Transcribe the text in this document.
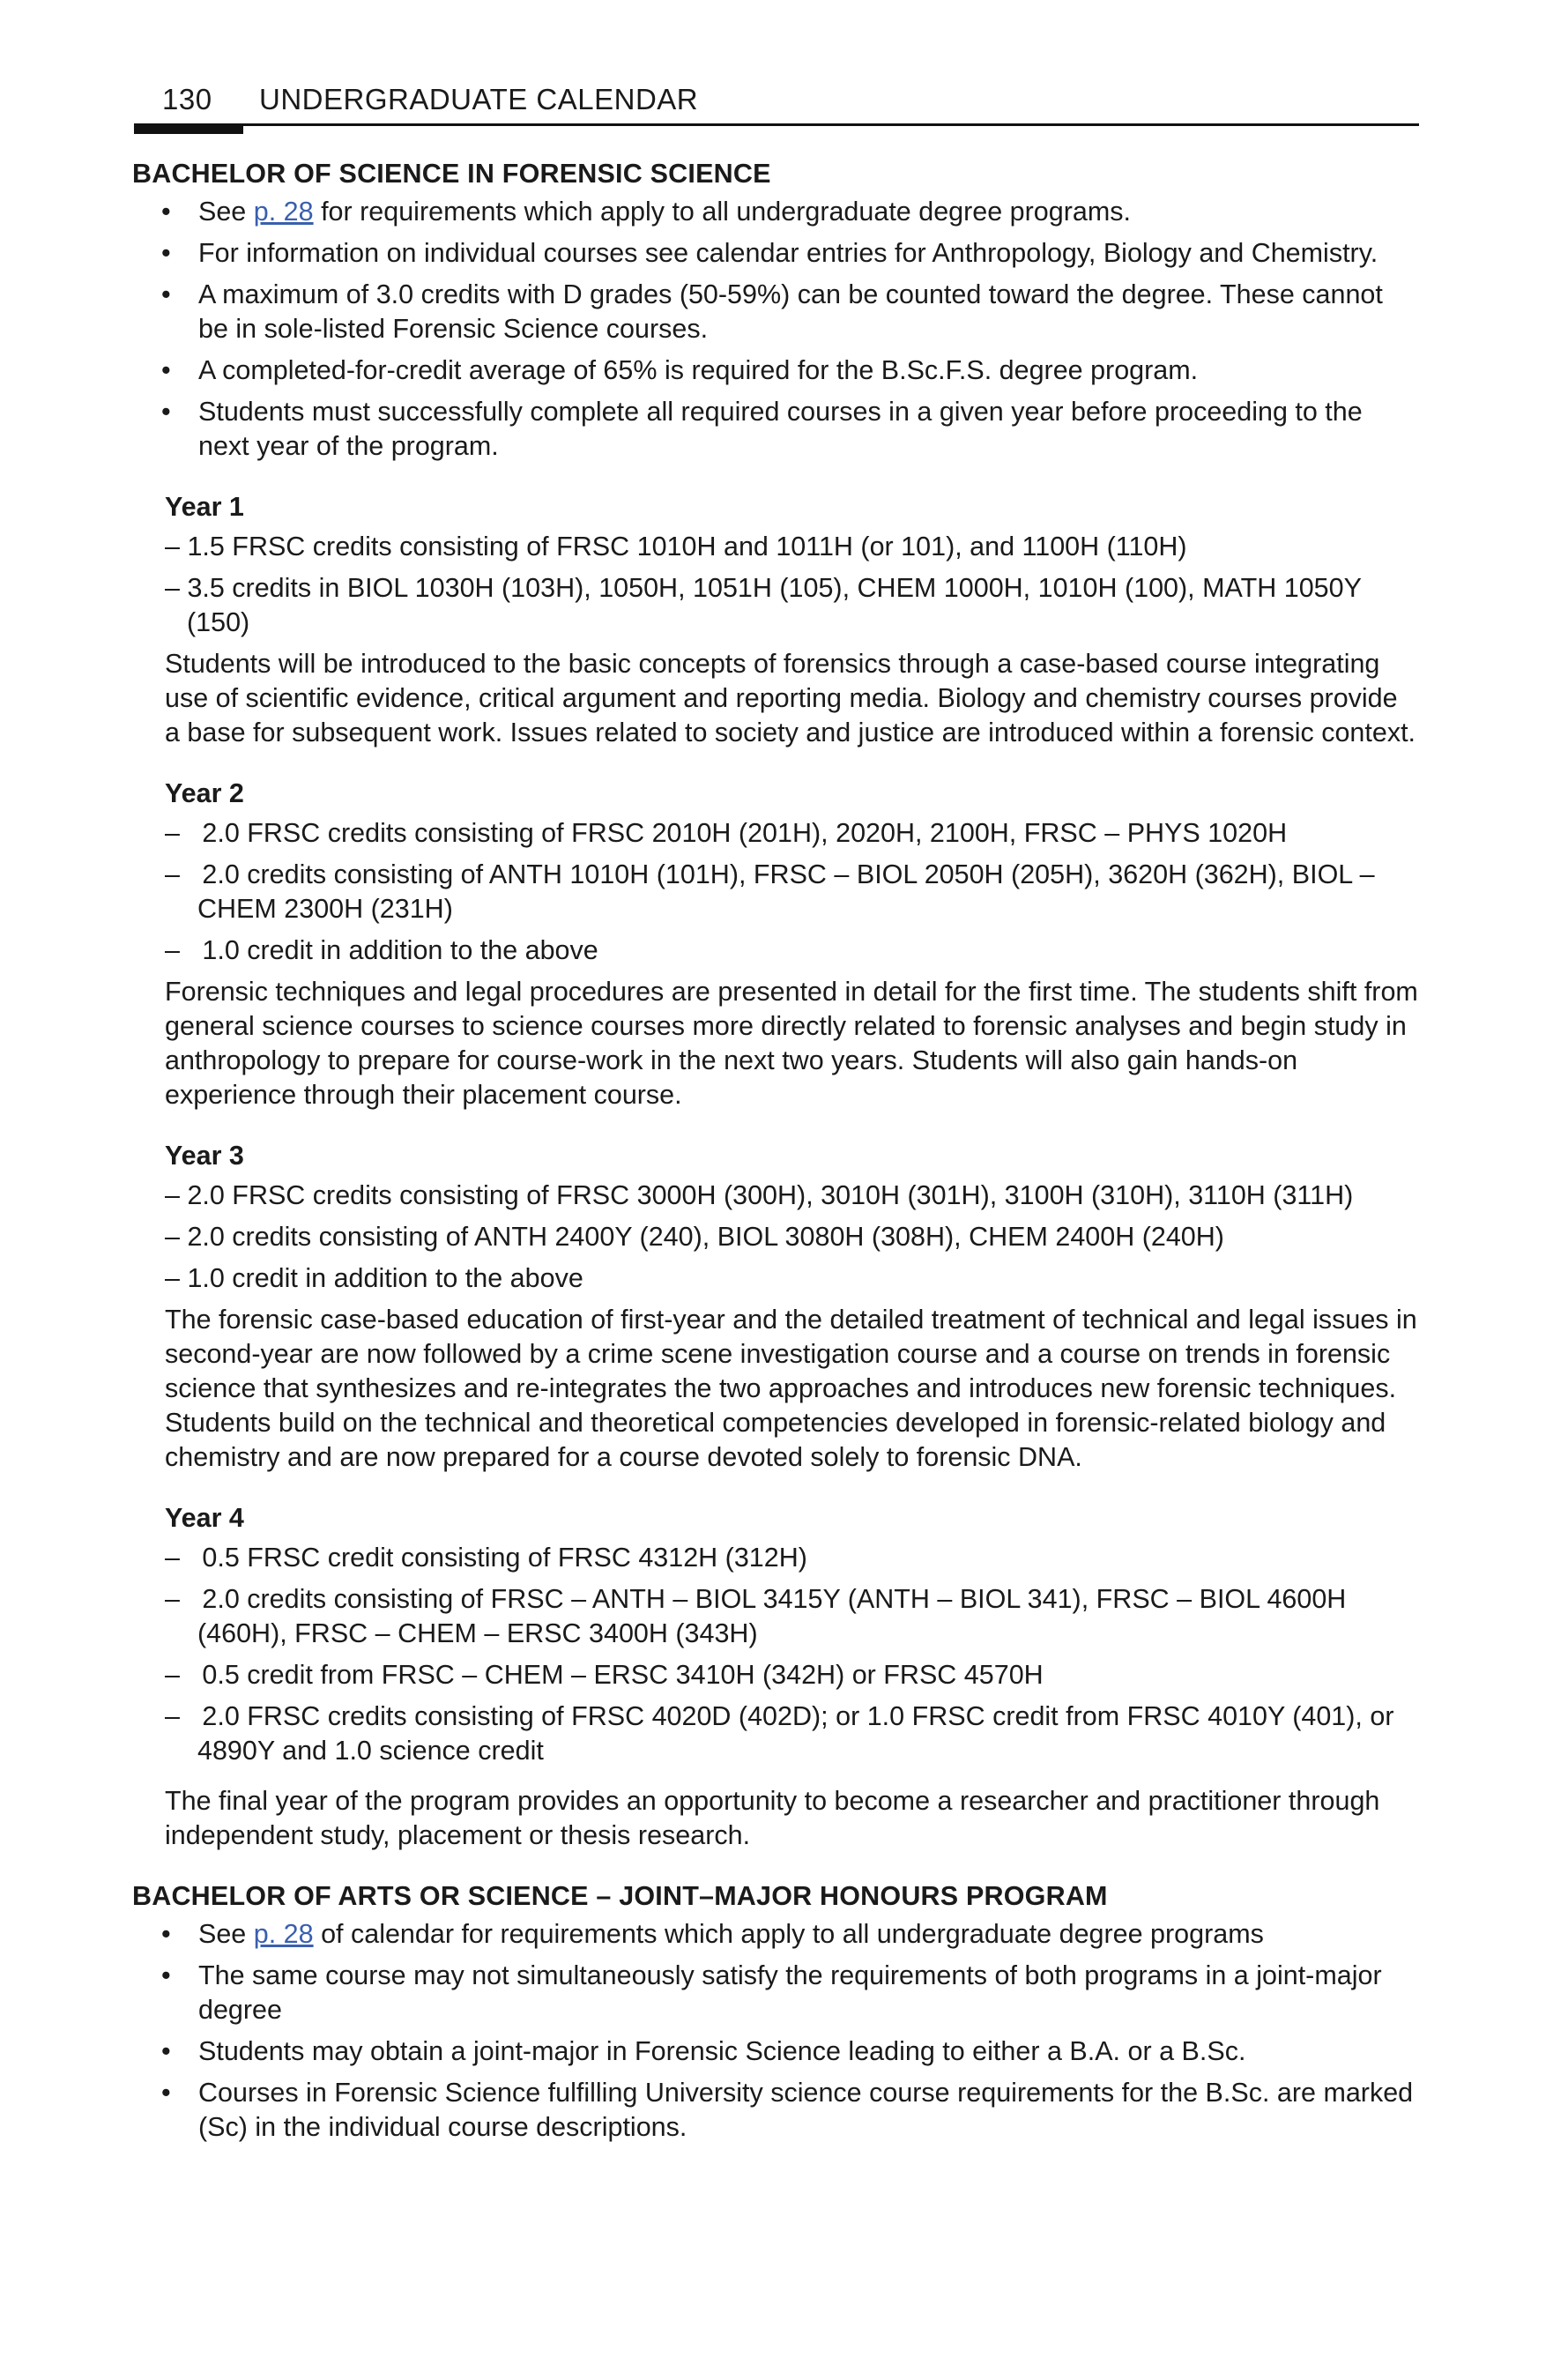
130 UNDERGRADUATE CALENDAR
BACHELOR OF SCIENCE IN FORENSIC SCIENCE
• See p. 28 for requirements which apply to all undergraduate degree programs.
• For information on individual courses see calendar entries for Anthropology, Biology and Chemistry.
• A maximum of 3.0 credits with D grades (50-59%) can be counted toward the degree. These cannot be in sole-listed Forensic Science courses.
• A completed-for-credit average of 65% is required for the B.Sc.F.S. degree program.
• Students must successfully complete all required courses in a given year before proceeding to the next year of the program.
Year 1
– 1.5 FRSC credits consisting of FRSC 1010H and 1011H (or 101), and 1100H (110H)
– 3.5 credits in BIOL 1030H (103H), 1050H, 1051H (105), CHEM 1000H, 1010H (100), MATH 1050Y (150)

Students will be introduced to the basic concepts of forensics through a case-based course integrating use of scientific evidence, critical argument and reporting media. Biology and chemistry courses provide a base for subsequent work. Issues related to society and justice are introduced within a forensic context.

Year 2
–   2.0 FRSC credits consisting of FRSC 2010H (201H), 2020H, 2100H, FRSC – PHYS 1020H
–   2.0 credits consisting of ANTH 1010H (101H), FRSC – BIOL 2050H (205H), 3620H (362H), BIOL – CHEM 2300H (231H)
–   1.0 credit in addition to the above

Forensic techniques and legal procedures are presented in detail for the first time. The students shift from general science courses to science courses more directly related to forensic analyses and begin study in anthropology to prepare for course-work in the next two years. Students will also gain hands-on experience through their placement course.

Year 3
– 2.0 FRSC credits consisting of FRSC 3000H (300H), 3010H (301H), 3100H (310H), 3110H (311H)
– 2.0 credits consisting of ANTH 2400Y (240), BIOL 3080H (308H), CHEM 2400H (240H)
– 1.0 credit in addition to the above

The forensic case-based education of first-year and the detailed treatment of technical and legal issues in second-year are now followed by a crime scene investigation course and a course on trends in forensic science that synthesizes and re-integrates the two approaches and introduces new forensic techniques. Students build on the technical and theoretical competencies developed in forensic-related biology and chemistry and are now prepared for a course devoted solely to forensic DNA.

Year 4
–   0.5 FRSC credit consisting of FRSC 4312H (312H)
–   2.0 credits consisting of FRSC – ANTH – BIOL 3415Y (ANTH – BIOL 341), FRSC – BIOL 4600H (460H), FRSC – CHEM – ERSC 3400H (343H)
–   0.5 credit from FRSC – CHEM – ERSC 3410H (342H) or FRSC 4570H
–   2.0 FRSC credits consisting of FRSC 4020D (402D); or 1.0 FRSC credit from FRSC 4010Y (401), or 4890Y and 1.0 science credit

The final year of the program provides an opportunity to become a researcher and practitioner through independent study, placement or thesis research.

BACHELOR OF ARTS OR SCIENCE – JOINT–MAJOR HONOURS PROGRAM
• See p. 28 of calendar for requirements which apply to all undergraduate degree programs
• The same course may not simultaneously satisfy the requirements of both programs in a joint-major degree
• Students may obtain a joint-major in Forensic Science leading to either a B.A. or a B.Sc.
• Courses in Forensic Science fulfilling University science course requirements for the B.Sc. are marked (Sc) in the individual course descriptions.
